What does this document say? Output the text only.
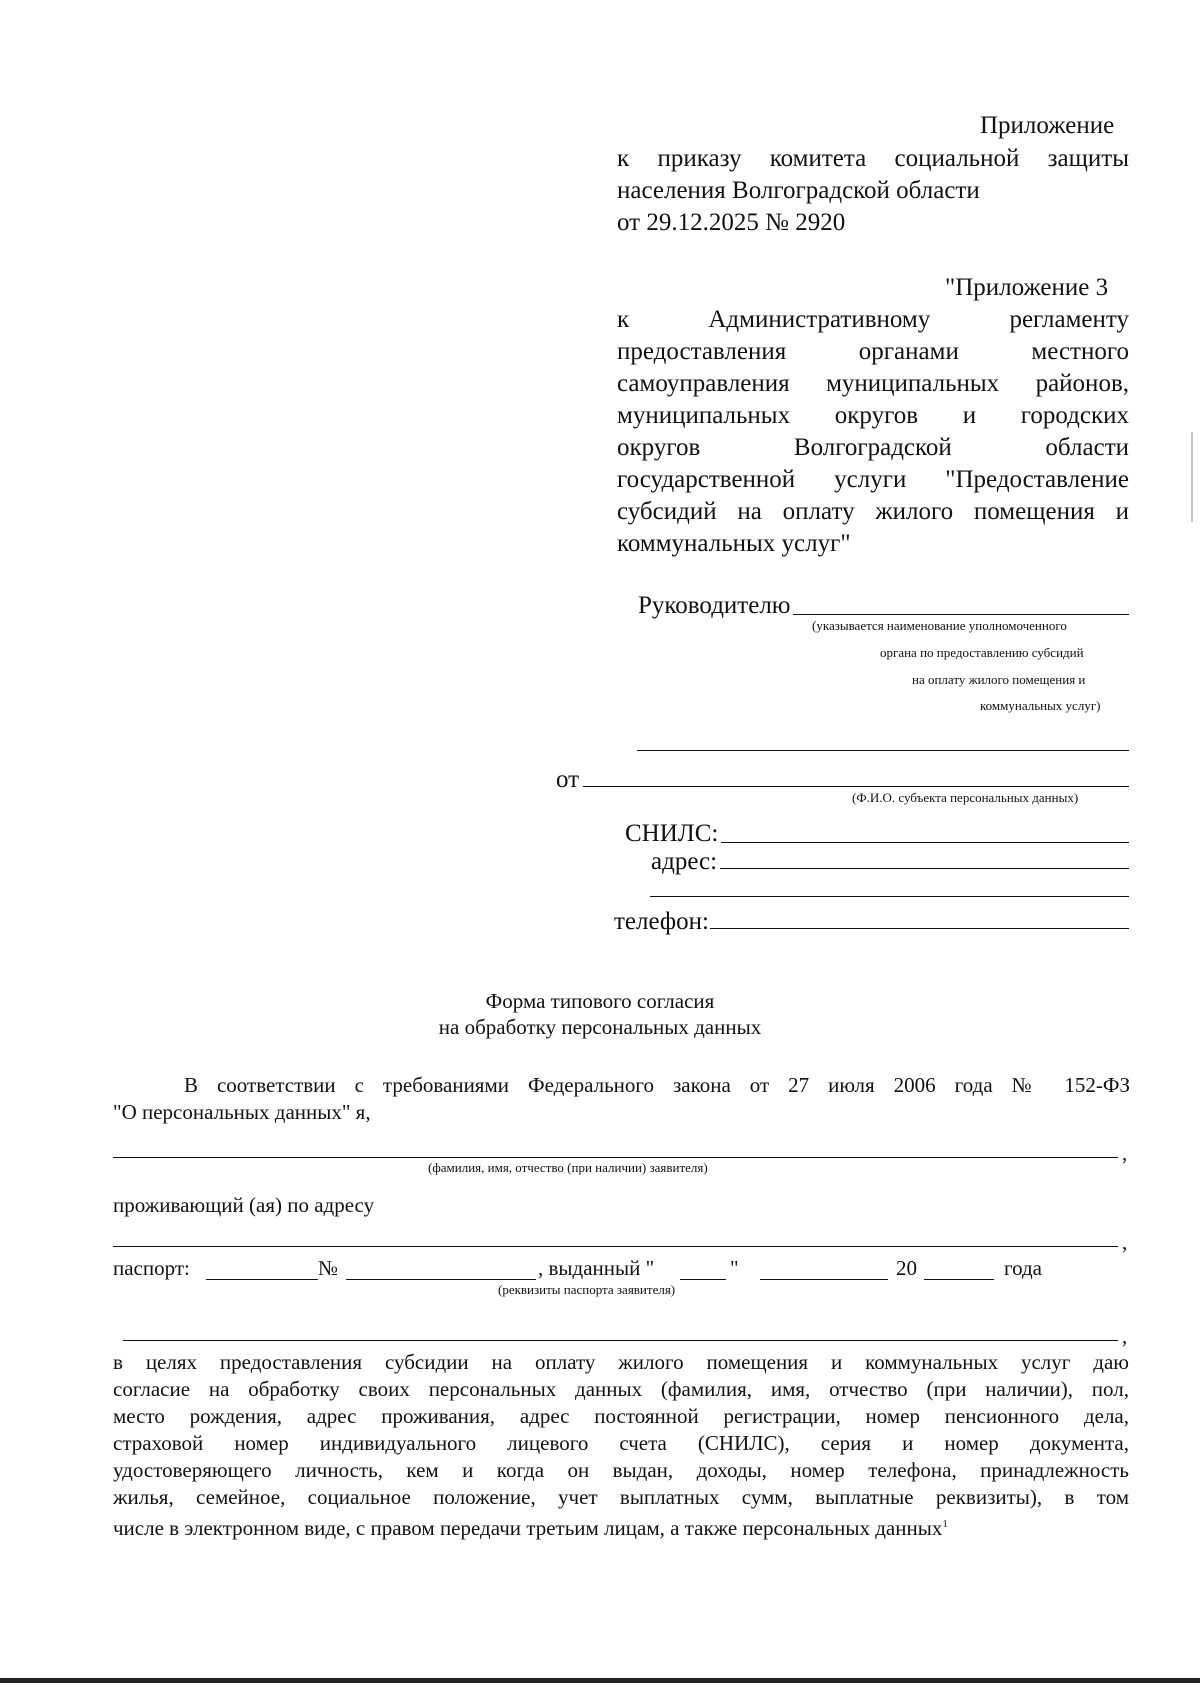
Приложение
к приказу комитета социальной защиты
населения Волгоградской области
от 29.12.2025 № 2920
"Приложение 3
к Административному регламенту
предоставления органами местного
самоуправления муниципальных районов,
муниципальных округов и городских
округов Волгоградской области
государственной услуги "Предоставление
субсидий на оплату жилого помещения и
коммунальных услуг"
Руководителю
(указывается наименование уполномоченного
органа по предоставлению субсидий
на оплату жилого помещения и
коммунальных услуг)
от
(Ф.И.О. субъекта персональных данных)
СНИЛС:
адрес:
телефон:
Форма типового согласия
на обработку персональных данных
В соответствии с требованиями Федерального закона от 27 июля 2006 года № 152-ФЗ
"О персональных данных" я,
,
(фамилия, имя, отчество (при наличии) заявителя)
проживающий (ая) по адресу
,
паспорт:	№	, выданный "	"	20	года
(реквизиты паспорта заявителя)
,
в целях предоставления субсидии на оплату жилого помещения и коммунальных услуг даю
согласие на обработку своих персональных данных (фамилия, имя, отчество (при наличии), пол,
место рождения, адрес проживания, адрес постоянной регистрации, номер пенсионного дела,
страховой номер индивидуального лицевого счета (СНИЛС), серия и номер документа,
удостоверяющего личность, кем и когда он выдан, доходы, номер телефона, принадлежность
жилья, семейное, социальное положение, учет выплатных сумм, выплатные реквизиты), в том
числе в электронном виде, с правом передачи третьим лицам, а также персональных данных$^1$
